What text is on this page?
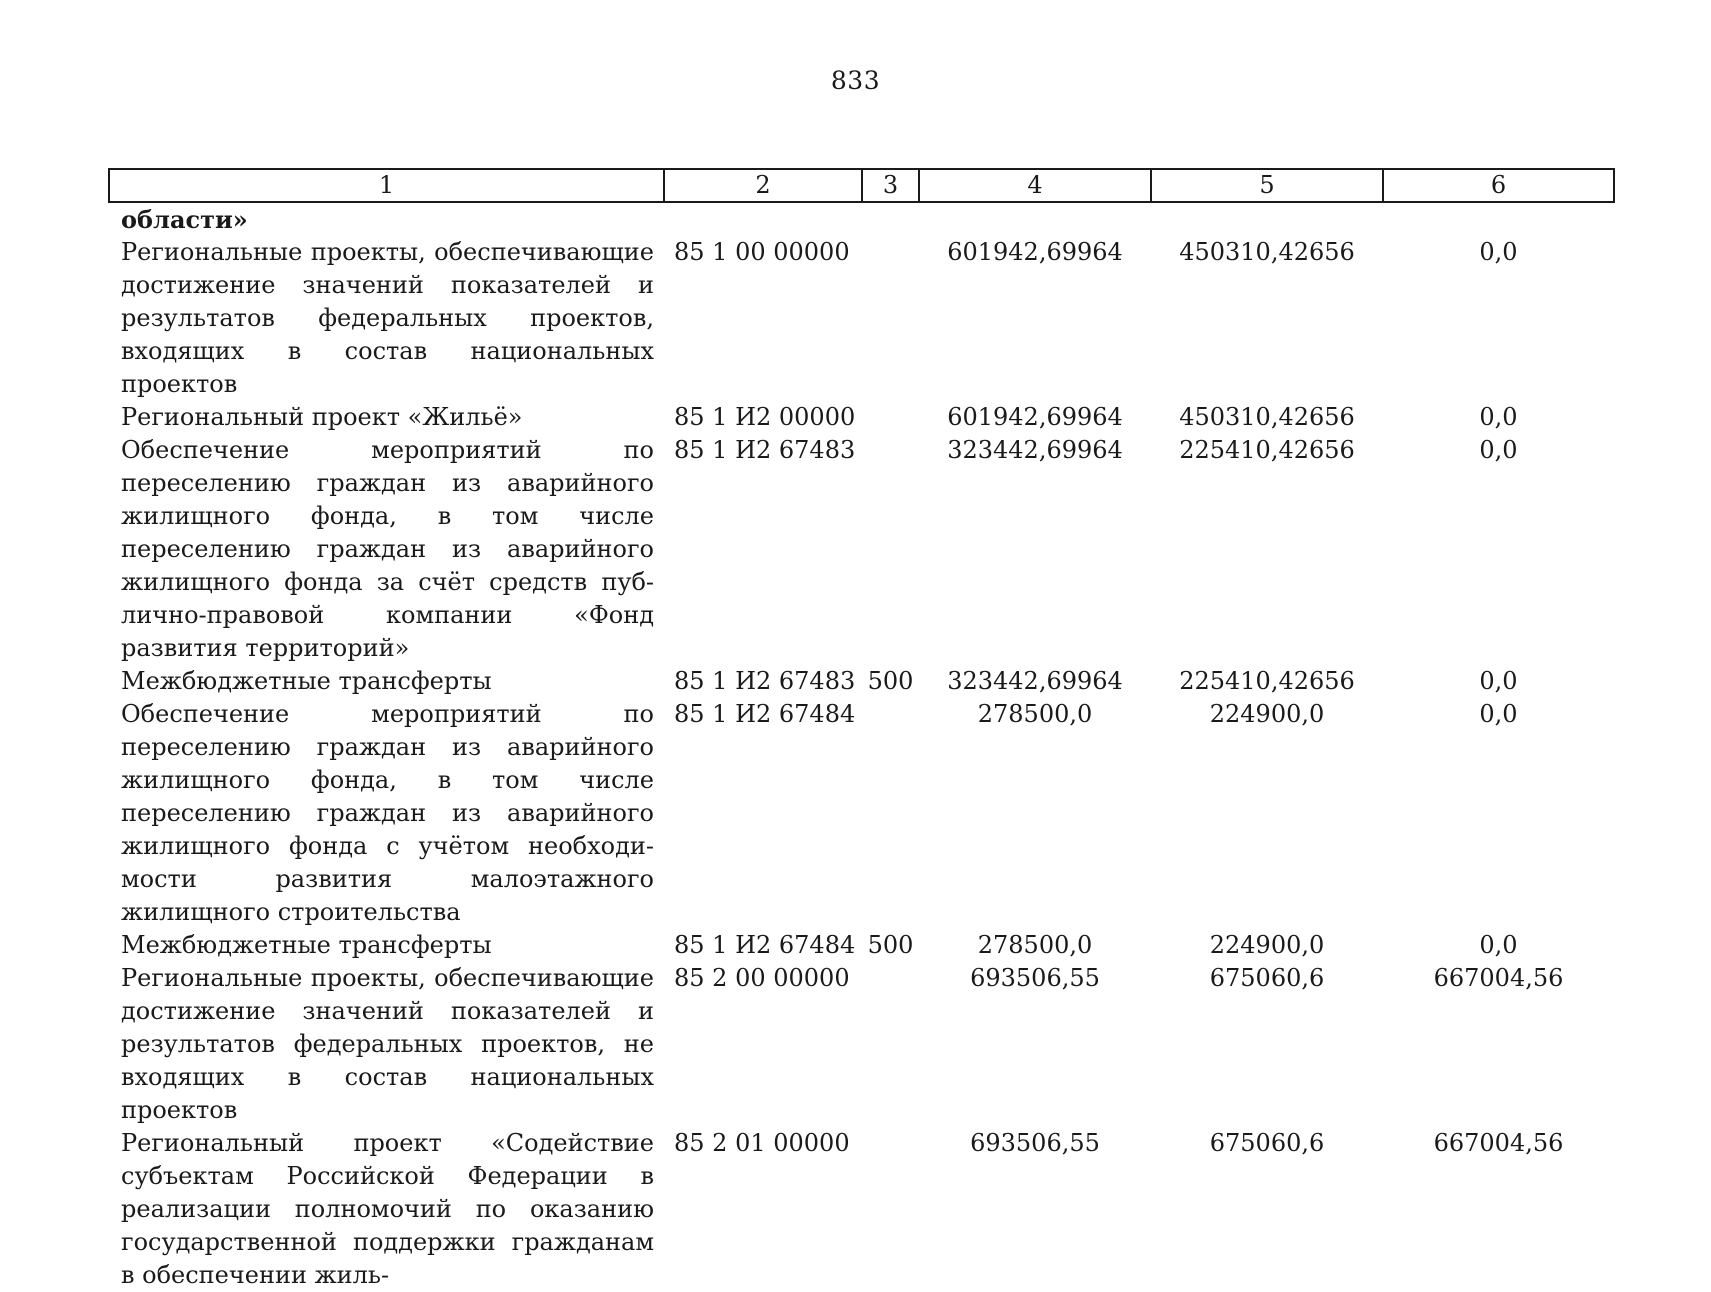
833
1	2	3	4	5	6
области»					
Региональные проекты, обеспечивающие достижение значений показателей и результатов федеральных проектов, входящих в состав национальных проектов	85 1 00 00000		601942,69964	450310,42656	0,0
Региональный проект «Жильё»	85 1 И2 00000		601942,69964	450310,42656	0,0
Обеспечение мероприятий по переселению граждан из аварийного жилищного фонда, в том числе переселению граждан из аварийного жилищного фонда за счёт средств публично-правовой компании «Фонд развития территорий»	85 1 И2 67483		323442,69964	225410,42656	0,0
Межбюджетные трансферты	85 1 И2 67483	500	323442,69964	225410,42656	0,0
Обеспечение мероприятий по переселению граждан из аварийного жилищного фонда, в том числе переселению граждан из аварийного жилищного фонда с учётом необходимости развития малоэтажного жилищного строительства	85 1 И2 67484		278500,0	224900,0	0,0
Межбюджетные трансферты	85 1 И2 67484	500	278500,0	224900,0	0,0
Региональные проекты, обеспечивающие достижение значений показателей и результатов федеральных проектов, не входящих в состав национальных проектов	85 2 00 00000		693506,55	675060,6	667004,56
Региональный проект «Содействие субъектам Российской Федерации в реализации полномочий по оказанию государственной поддержки гражданам в обеспечении жиль-	85 2 01 00000		693506,55	675060,6	667004,56
